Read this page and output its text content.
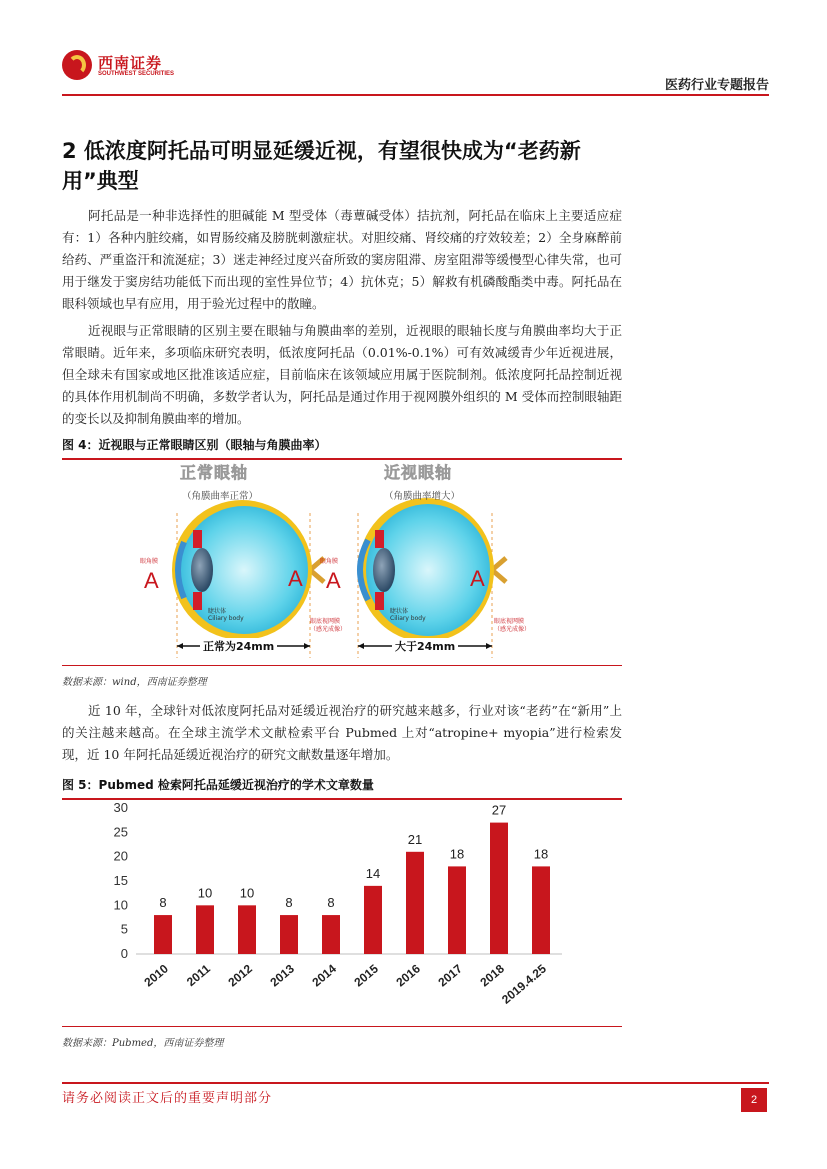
西南证券
SOUTHWEST SECURITIES
医药行业专题报告
2 低浓度阿托品可明显延缓近视，有望很快成为“老药新用”典型

阿托品是一种非选择性的胆碱能 M 型受体（毒蕈碱受体）拮抗剂，阿托品在临床上主要适应症有：1）各种内脏绞痛，如胃肠绞痛及膀胱刺激症状。对胆绞痛、肾绞痛的疗效较差；2）全身麻醉前给药、严重盗汗和流涎症；3）迷走神经过度兴奋所致的窦房阻滞、房室阻滞等缓慢型心律失常，也可用于继发于窦房结功能低下而出现的室性异位节；4）抗休克；5）解救有机磷酸酯类中毒。阿托品在眼科领域也早有应用，用于验光过程中的散瞳。

近视眼与正常眼睛的区别主要在眼轴与角膜曲率的差别，近视眼的眼轴长度与角膜曲率均大于正常眼睛。近年来，多项临床研究表明，低浓度阿托品（0.01%-0.1%）可有效减缓青少年近视进展，但全球未有国家或地区批准该适应症，目前临床在该领域应用属于医院制剂。低浓度阿托品控制近视的具体作用机制尚不明确，多数学者认为，阿托品是通过作用于视网膜外组织的 M 受体而控制眼轴距的变长以及抑制角膜曲率的增加。

图 4：近视眼与正常眼睛区别（眼轴与角膜曲率）
正常眼轴
（角膜曲率正常）
眼角膜
A	A
睫状体
Ciliary body	眼底视网膜
（感光成像）
正常为24mm
近视眼轴
（角膜曲率增大）
眼角膜
A	A
睫状体
Ciliary body	眼底视网膜
（感光成像）
大于24mm
数据来源：wind，西南证券整理

近 10 年，全球针对低浓度阿托品对延缓近视治疗的研究越来越多，行业对该“老药”在“新用”上的关注越来越高。在全球主流学术文献检索平台 Pubmed 上对“atropine+ myopia”进行检索发现，近 10 年阿托品延缓近视治疗的研究文献数量逐年增加。

图 5：Pubmed 检索阿托品延缓近视治疗的学术文章数量
0
5
10
15
20
25
30
8
2010
10
2011
10
2012
8
2013
8
2014
14
2015
21
2016
18
2017
27
2018
18
2019.4.25
数据来源：Pubmed，西南证券整理
请务必阅读正文后的重要声明部分	2
